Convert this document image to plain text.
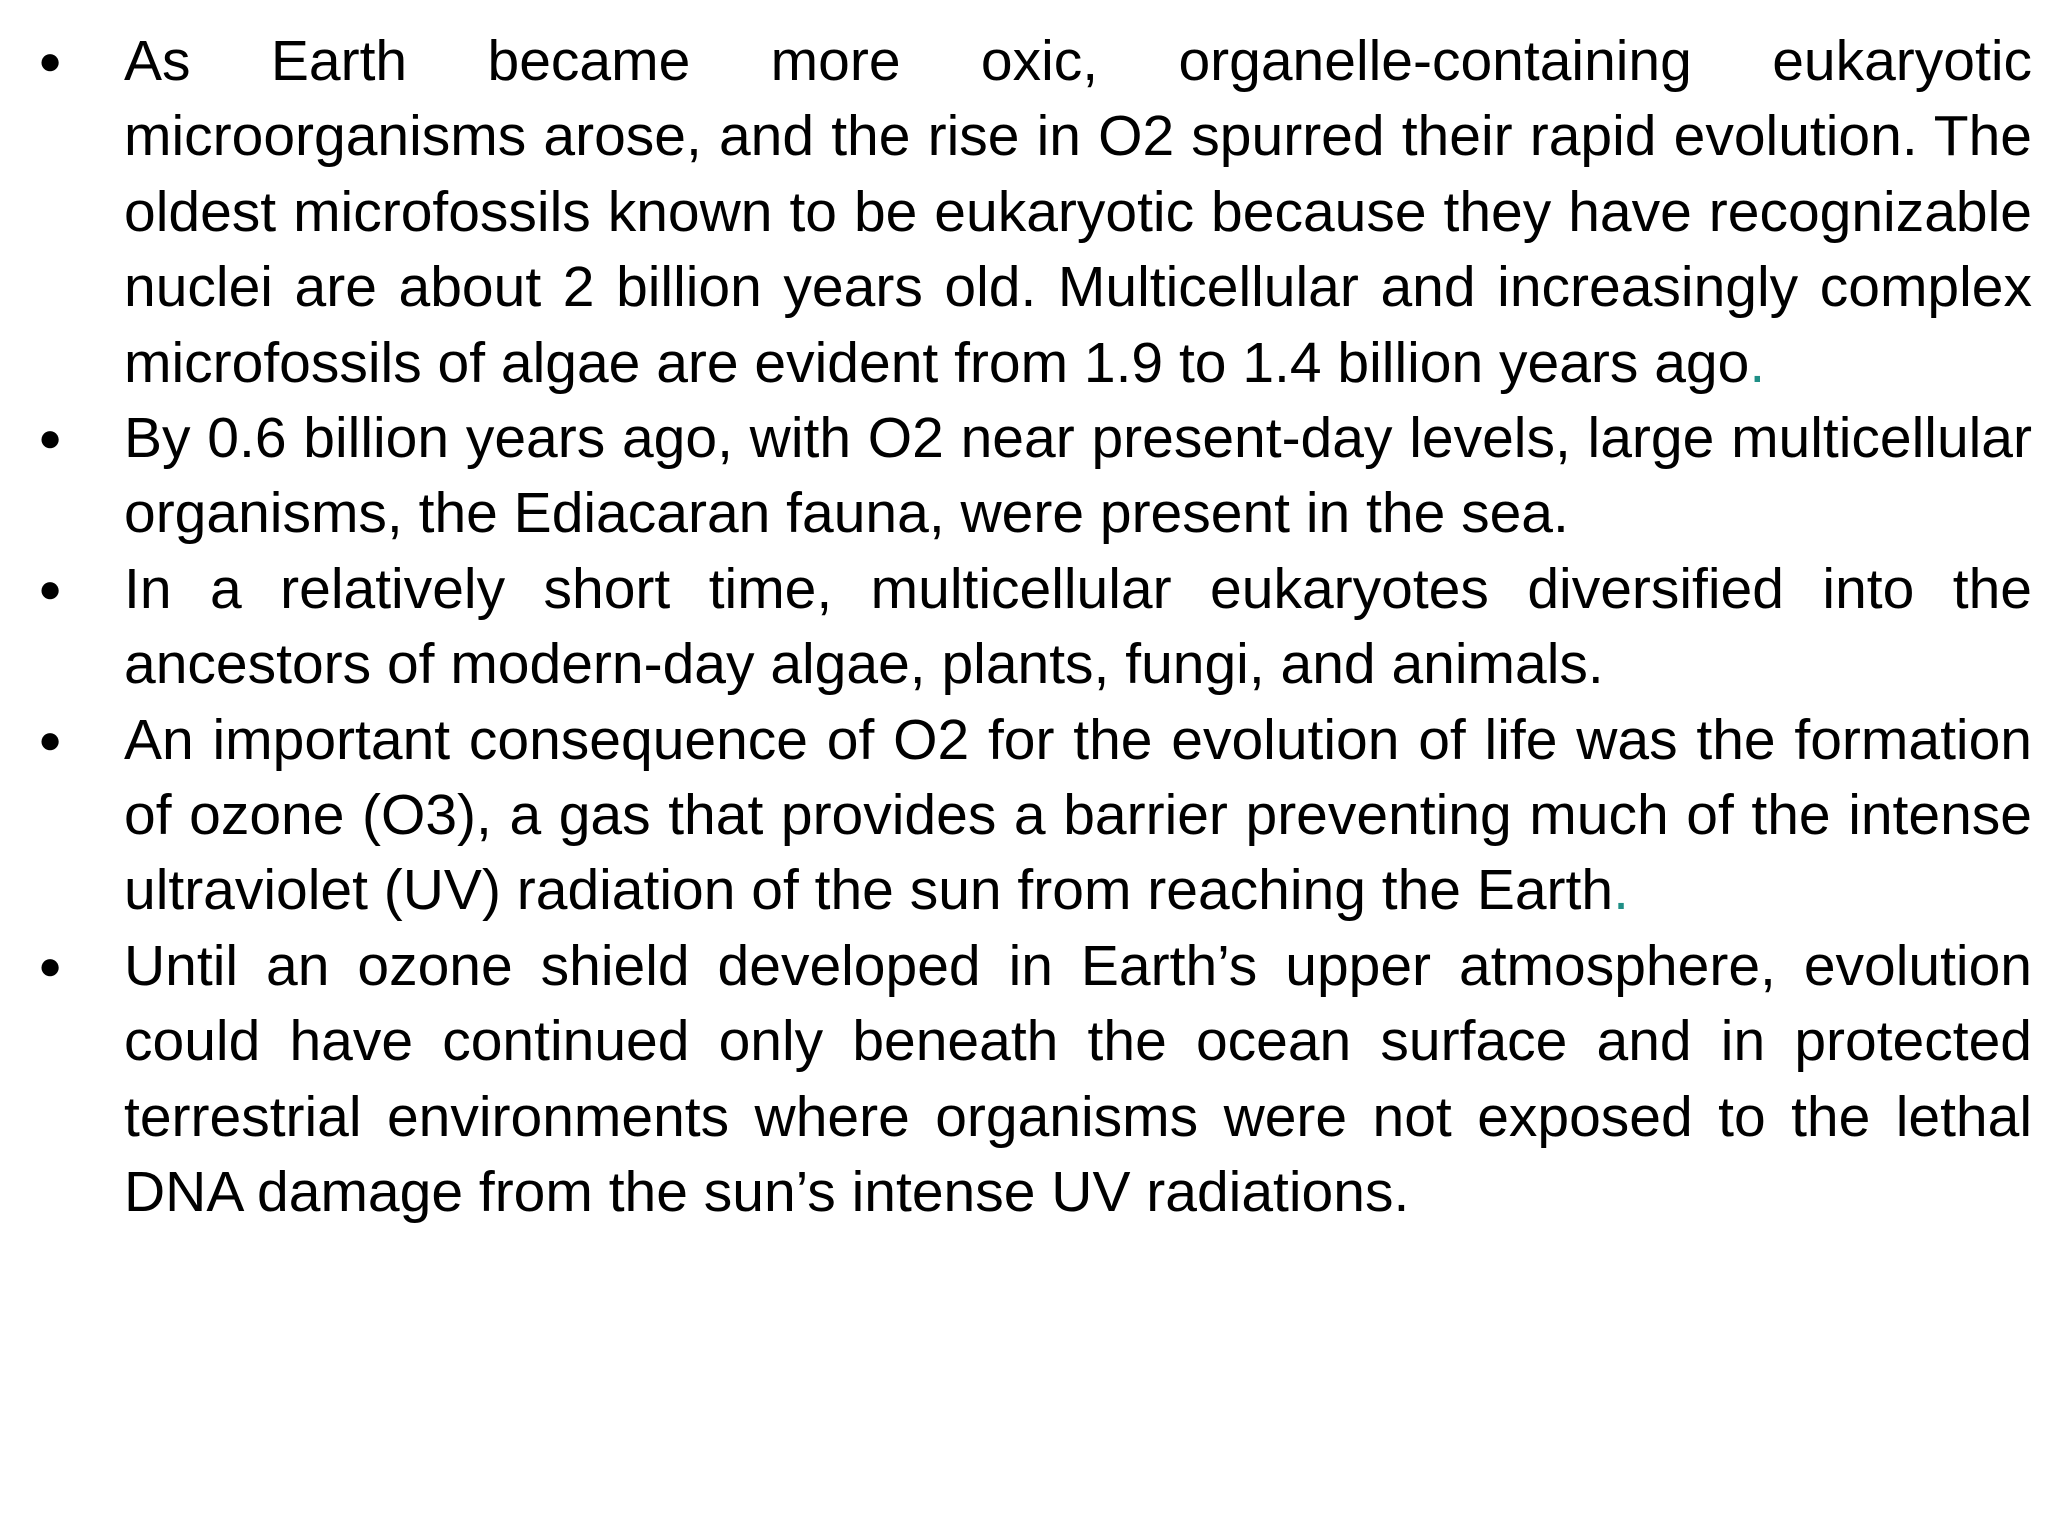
●	As Earth became more oxic, organelle-containing eukaryotic microorganisms arose, and the rise in O2 spurred their rapid evolution. The oldest microfossils known to be eukaryotic because they have recognizable nuclei are about 2 billion years old. Multicellular and increasingly complex microfossils of algae are evident from 1.9 to 1.4 billion years ago.
●	By 0.6 billion years ago, with O2 near present-day levels, large multicellular organisms, the Ediacaran fauna, were present in the sea.
●	In a relatively short time, multicellular eukaryotes diversified into the ancestors of modern-day algae, plants, fungi, and animals.
●	An important consequence of O2 for the evolution of life was the formation of ozone (O3), a gas that provides a barrier preventing much of the intense ultraviolet (UV) radiation of the sun from reaching the Earth.
●	Until an ozone shield developed in Earth’s upper atmosphere, evolution could have continued only beneath the ocean surface and in protected terrestrial environments where organisms were not exposed to the lethal DNA damage from the sun’s intense UV radiations.
